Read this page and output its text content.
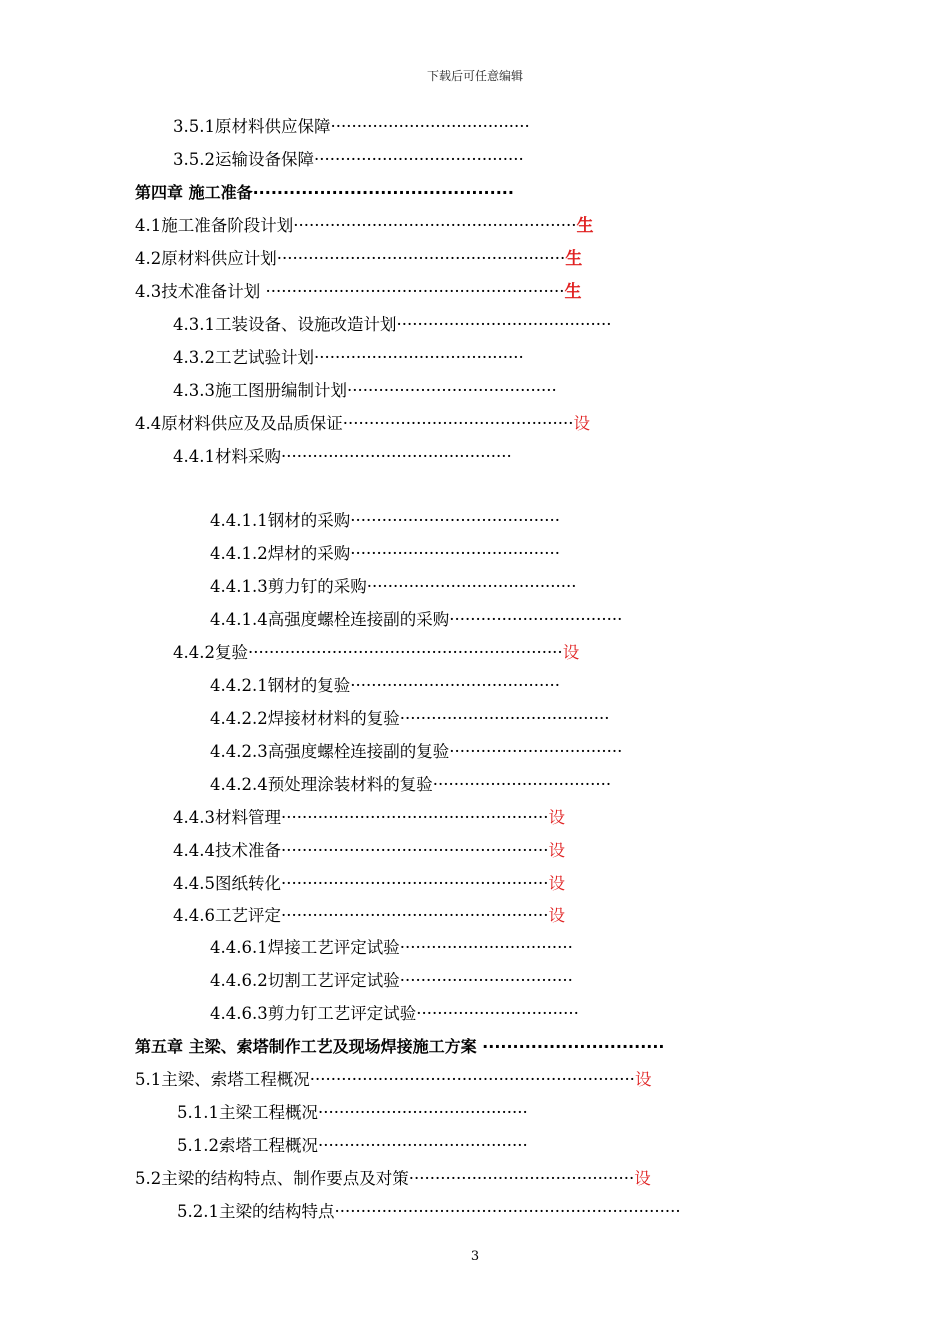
下载后可任意编辑
3.5.1原材料供应保障······································
3.5.2运输设备保障········································
第四章 施工准备···········································
4.1施工准备阶段计划······················································生
4.2原材料供应计划·······················································生
4.3技术准备计划 ·························································生
4.3.1工装设备、设施改造计划·········································
4.3.2工艺试验计划········································
4.3.3施工图册编制计划········································
4.4原材料供应及及品质保证············································设
4.4.1材料采购············································
4.4.1.1钢材的采购········································
4.4.1.2焊材的采购········································
4.4.1.3剪力钉的采购········································
4.4.1.4高强度螺栓连接副的采购·································
4.4.2复验····························································设
4.4.2.1钢材的复验········································
4.4.2.2焊接材材料的复验········································
4.4.2.3高强度螺栓连接副的复验·································
4.4.2.4预处理涂装材料的复验··································
4.4.3材料管理···················································设
4.4.4技术准备···················································设
4.4.5图纸转化···················································设
4.4.6工艺评定···················································设
4.4.6.1焊接工艺评定试验·································
4.4.6.2切割工艺评定试验·································
4.4.6.3剪力钉工艺评定试验·······························
第五章 主梁、索塔制作工艺及现场焊接施工方案 ······························
5.1主梁、索塔工程概况······························································设
5.1.1主梁工程概况········································
5.1.2索塔工程概况········································
5.2主梁的结构特点、制作要点及对策···········································设
5.2.1主梁的结构特点··································································
3
